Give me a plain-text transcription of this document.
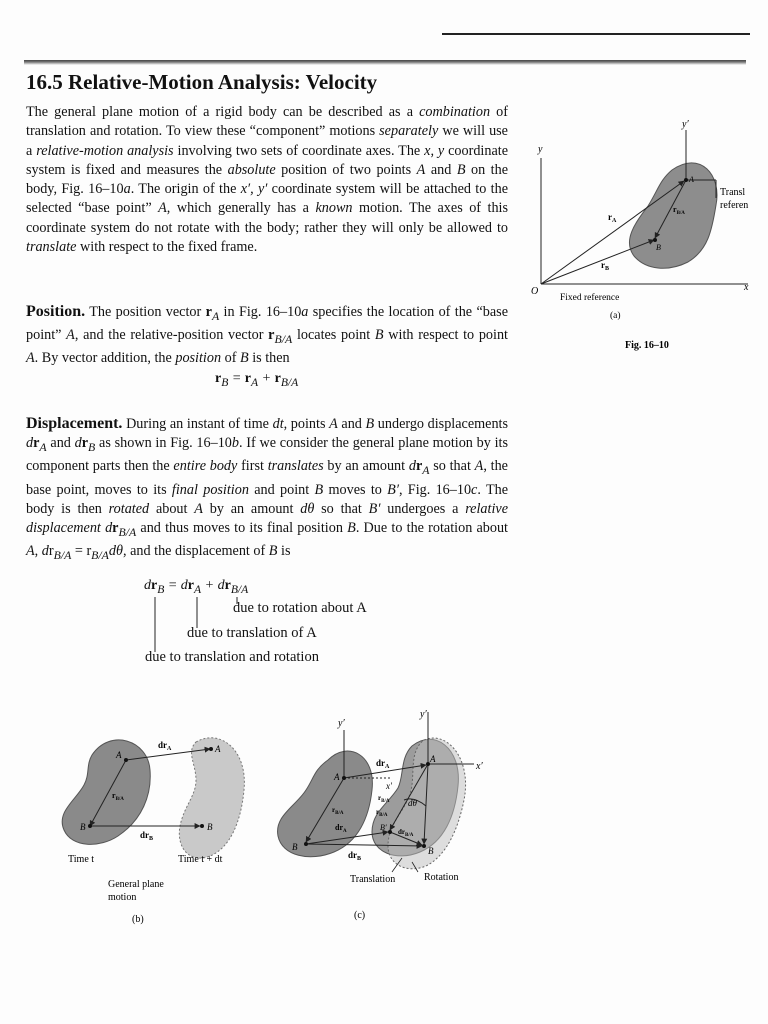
16.5 Relative-Motion Analysis: Velocity

The general plane motion of a rigid body can be described as a combination of translation and rotation. To view these “component” motions separately we will use a relative-motion analysis involving two sets of coordinate axes. The x, y coordinate system is fixed and measures the absolute position of two points A and B on the body, Fig. 16–10a. The origin of the x′, y′ coordinate system will be attached to the selected “base point” A, which generally has a known motion. The axes of this coordinate system do not rotate with the body; rather they will only be allowed to translate with respect to the fixed frame.

Position. The position vector $r_A$ in Fig. 16–10a specifies the location of the “base point” A, and the relative-position vector $r_{B/A}$ locates point B with respect to point A. By vector addition, the position of B is then

$r_B = r_A + r_{B/A}$

Displacement. During an instant of time dt, points A and B undergo displacements $dr_A$ and $dr_B$ as shown in Fig. 16–10b. If we consider the general plane motion by its component parts then the entire body first translates by an amount $dr_A$ so that A, the base point, moves to its final position and point B moves to B′, Fig. 16–10c. The body is then rotated about A by an amount dθ so that B′ undergoes a relative displacement $dr_{B/A}$ and thus moves to its final position B. Due to the rotation about A, $dr_{B/A} = r_{B/A}d\theta$, and the displacement of B is

$dr_B = dr_A + dr_{B/A}$
due to rotation about A
due to translation of A
due to translation and rotation
y
y′
x
O
A
B
$r_A$
$r_B$
$r_{B/A}$
Transl
referen
Fixed reference
(a)
Fig. 16–10
A
B
A
B
$dr_A$
$dr_B$
$r_{B/A}$
Time t	Time t + dt
General plane
motion
(b)
y′
y′
x′
x′
A
A
B	B
B′
$dr_A$
$dr_B$
$dr_A$
$r_{B/A}$
$r_{B/A}$
$r_{B/A}$
dθ
$dr_{B/A}$
Translation	Rotation
(c)
